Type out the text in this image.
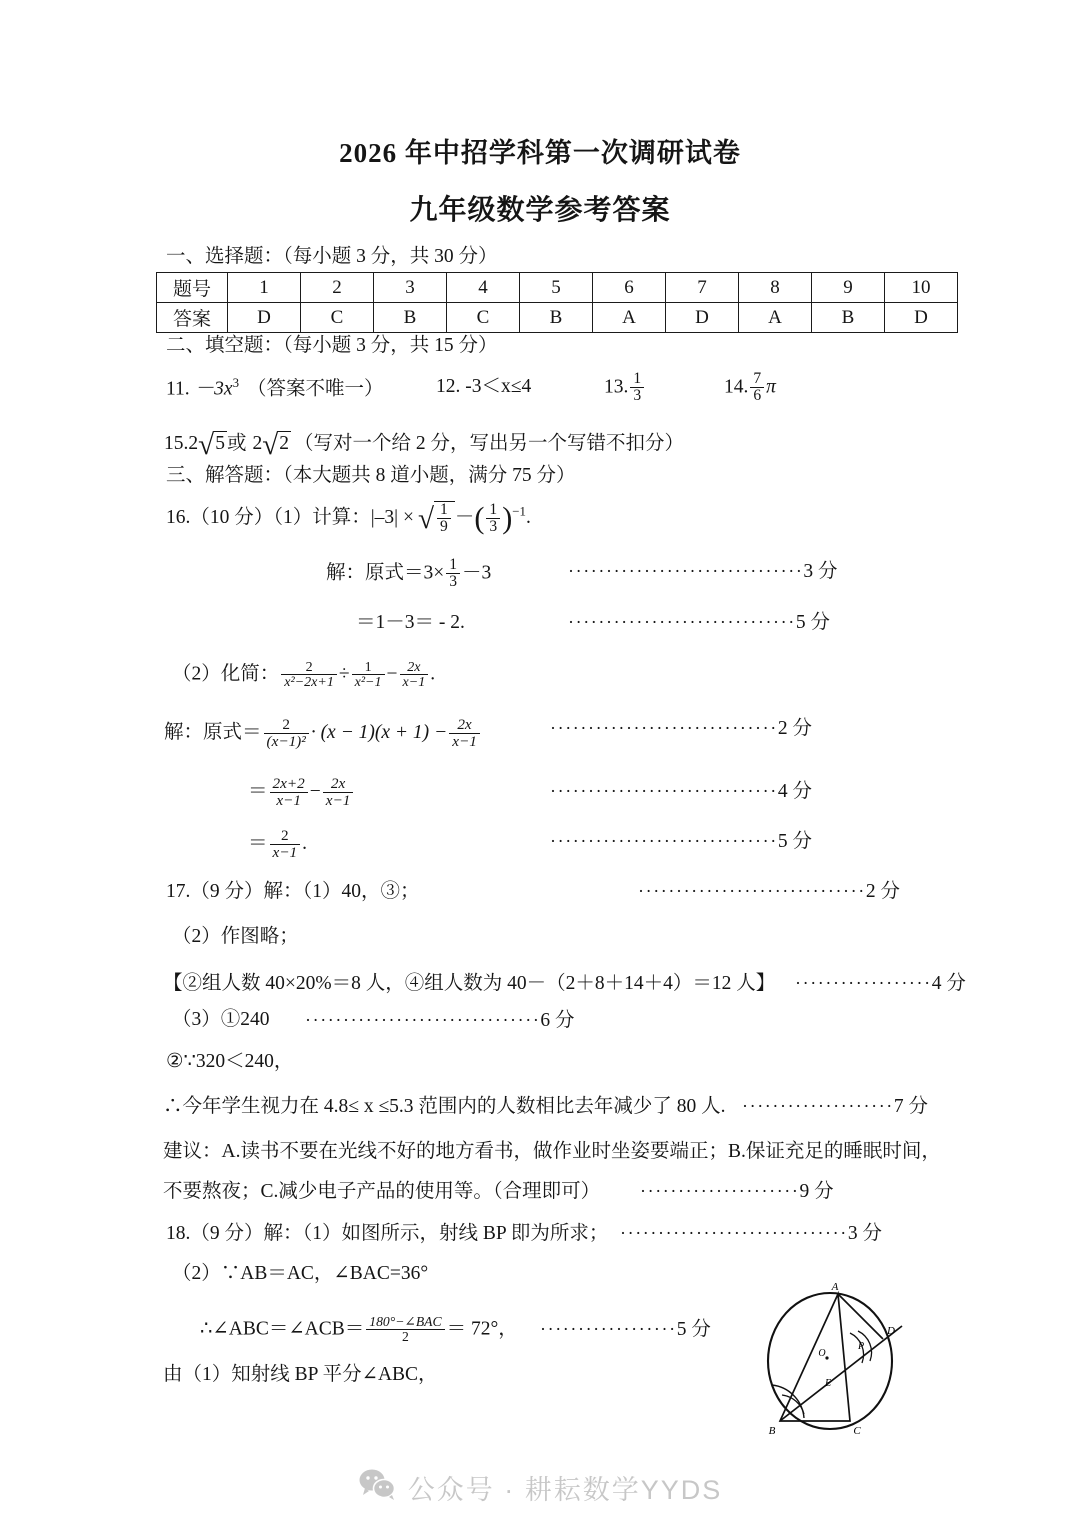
2026 年中招学科第一次调研试卷
九年级数学参考答案
一、选择题：（每小题 3 分，共 30 分）
题号	1	2	3	4	5	6	7	8	9	10
答案	D	C	B	C	B	A	D	A	B	D
二、填空题：（每小题 3 分，共 15 分）
11. $-3x^3$ （答案不唯一）	12. -3＜x≤4	13. $\frac{1}{3}$	14. $\frac{7}{6}$ π
15.2√5 或 2√2 （写对一个给 2 分，写出另一个写错不扣分）
三、解答题：（本大题共 8 道小题，满分 75 分）
16.（10 分）（1）计算：|–3| × √ $\frac{1}{9}$ －( $\frac{1}{3} )^{-1}$.
解：原式$=3\times \frac{1}{3} -3$	·······························3 分
＝1－3＝ - 2.	······························5 分
（2）化简： $\frac{2}{\text{x²−2x+1}} \div \frac{1}{\text{x²−1}} - \frac{2x}{x-1}$ .
解：原式＝ $\frac{2}{\text{(x−1)²}} \cdot (x - 1)(x + 1) - \frac{2x}{x-1}$	······························2 分
＝ $\frac{2x+2}{x-1} - \frac{2x}{x-1}$	······························4 分
＝ $\frac{2}{x-1}$ .	······························5 分
17.（9 分）解：（1）40，③；	······························2 分
（2）作图略；
【②组人数 40×20%＝8 人，④组人数为 40－（2＋8＋14＋4）＝12 人】 ··················4 分
（3）①240 ·······························6 分
②∵320＜240，
∴今年学生视力在 4.8≤ x ≤5.3 范围内的人数相比去年减少了 80 人. ····················7 分
建议：A.读书不要在光线不好的地方看书，做作业时坐姿要端正；B.保证充足的睡眠时间，
不要熬夜；C.减少电子产品的使用等。（合理即可） ·····················9 分
18.（9 分）解：（1）如图所示，射线 BP 即为所求； ······························3 分
（2）∵AB＝AC，∠BAC=36°
∴∠ABC＝∠ACB＝ $\frac{\text{180°−∠BAC}}{2} = 72^\circ$， ··················5 分
由（1）知射线 BP 平分∠ABC，
A
B	C
D
E
O
P
公众号 · 耕耘数学YYDS
